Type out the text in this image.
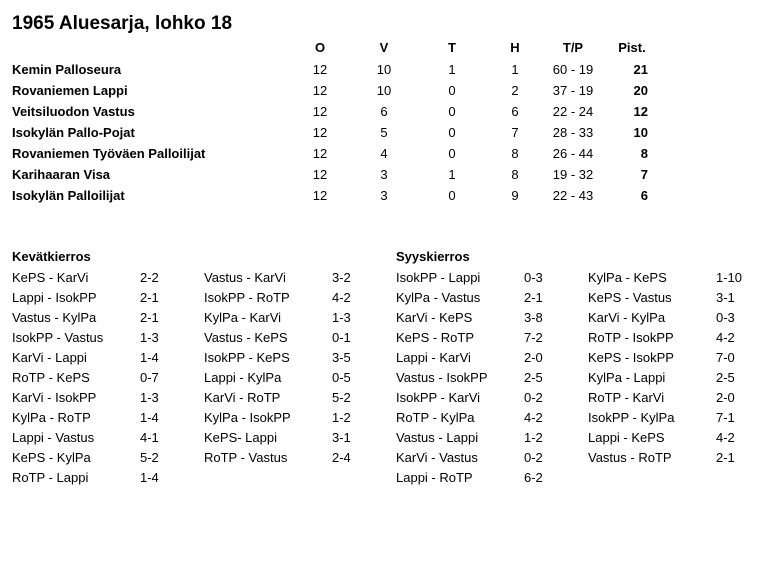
1965 Aluesarja, lohko 18
O	V	T	H	T/P	Pist.
Kemin Palloseura	12	10	1	1	60 - 19	21
Rovaniemen Lappi	12	10	0	2	37 - 19	20
Veitsiluodon Vastus	12	6	0	6	22 - 24	12
Isokylän Pallo-Pojat	12	5	0	7	28 - 33	10
Rovaniemen Työväen Palloilijat	12	4	0	8	26 - 44	8
Karihaaran Visa	12	3	1	8	19 - 32	7
Isokylän Palloilijat	12	3	0	9	22 - 43	6
Kevätkierros	Syyskierros
KePS - KarVi	2-2
Lappi - IsokPP	2-1
Vastus - KylPa	2-1
IsokPP - Vastus	1-3
KarVi - Lappi	1-4
RoTP - KePS	0-7
KarVi - IsokPP	1-3
KylPa - RoTP	1-4
Lappi - Vastus	4-1
KePS - KylPa	5-2
RoTP - Lappi	1-4
Vastus - KarVi	3-2
IsokPP - RoTP	4-2
KylPa - KarVi	1-3
Vastus - KePS	0-1
IsokPP - KePS	3-5
Lappi - KylPa	0-5
KarVi - RoTP	5-2
KylPa - IsokPP	1-2
KePS- Lappi	3-1
RoTP - Vastus	2-4
IsokPP - Lappi	0-3
KylPa - Vastus	2-1
KarVi - KePS	3-8
KePS - RoTP	7-2
Lappi - KarVi	2-0
Vastus - IsokPP	2-5
IsokPP - KarVi	0-2
RoTP - KylPa	4-2
Vastus - Lappi	1-2
KarVi - Vastus	0-2
Lappi - RoTP	6-2
KylPa - KePS	1-10
KePS - Vastus	3-1
KarVi - KylPa	0-3
RoTP - IsokPP	4-2
KePS - IsokPP	7-0
KylPa - Lappi	2-5
RoTP - KarVi	2-0
IsokPP - KylPa	7-1
Lappi - KePS	4-2
Vastus - RoTP	2-1
